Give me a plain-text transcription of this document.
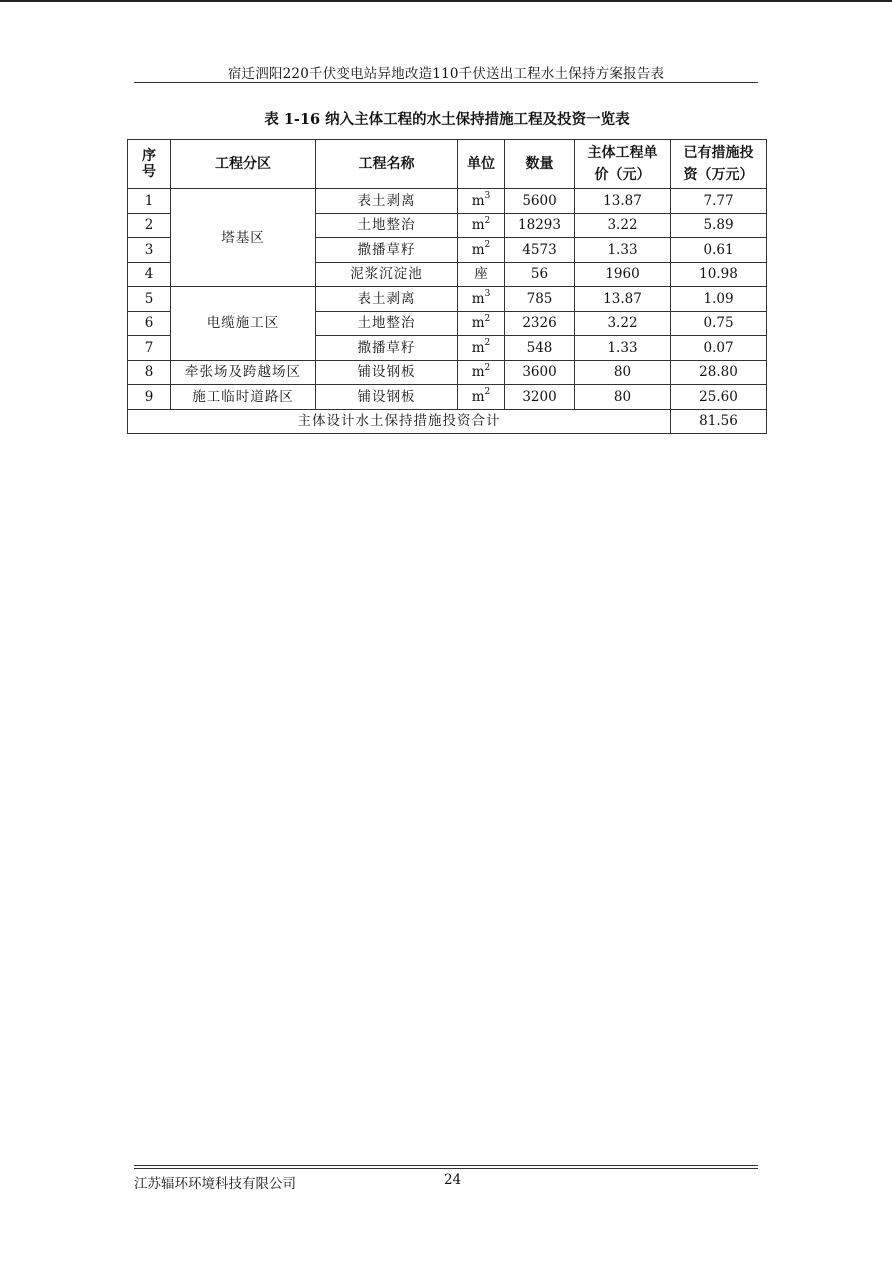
宿迁泗阳220千伏变电站异地改造110千伏送出工程水土保持方案报告表
表 1-16 纳入主体工程的水土保持措施工程及投资一览表
序号	工程分区	工程名称	单位	数量	主体工程单价（元）	已有措施投资（万元）
1	塔基区	表土剥离	$m^3$	5600	13.87	7.77
2		土地整治	$m^2$	18293	3.22	5.89
3		撒播草籽	$m^2$	4573	1.33	0.61
4		泥浆沉淀池	座	56	1960	10.98
5	电缆施工区	表土剥离	$m^3$	785	13.87	1.09
6		土地整治	$m^2$	2326	3.22	0.75
7		撒播草籽	$m^2$	548	1.33	0.07
8	牵张场及跨越场区	铺设钢板	$m^2$	3600	80	28.80
9	施工临时道路区	铺设钢板	$m^2$	3200	80	25.60
主体设计水土保持措施投资合计						81.56
江苏辐环环境科技有限公司	24
